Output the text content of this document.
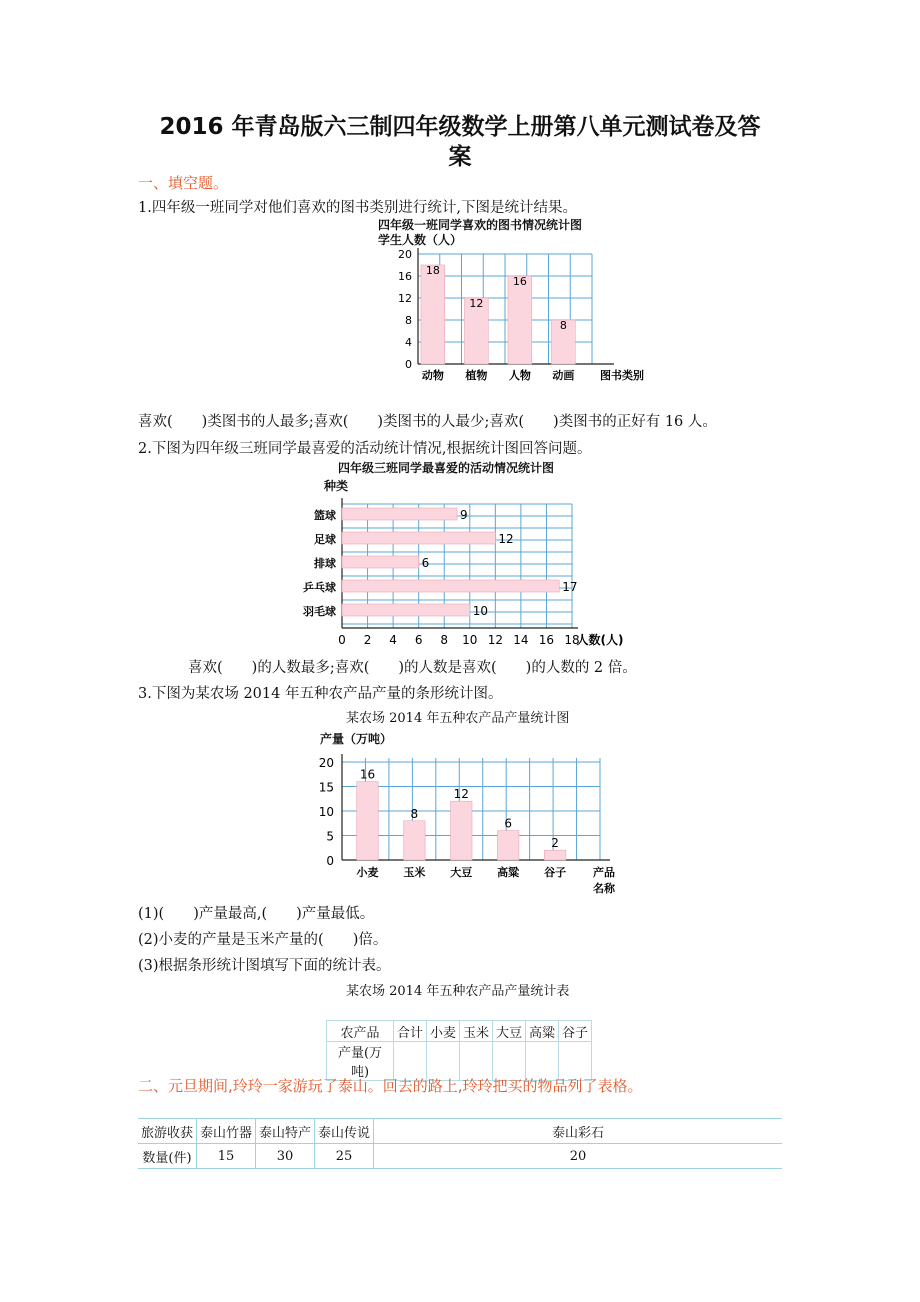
2016 年青岛版六三制四年级数学上册第八单元测试卷及答
案
一、填空题。
1.四年级一班同学对他们喜欢的图书类别进行统计,下图是统计结果。
四年级一班同学喜欢的图书情况统计图
学生人数（人）
18
动物
12
植物
16
人物
8
动画
0
4
8
12
16
20
图书类别
喜欢(　　)类图书的人最多;喜欢(　　)类图书的人最少;喜欢(　　)类图书的正好有 16 人。
2.下图为四年级三班同学最喜爱的活动统计情况,根据统计图回答问题。
四年级三班同学最喜爱的活动情况统计图
种类
9
篮球
12
足球
6
排球
17
乒乓球
10
羽毛球
0 2 4 6 8 10 12 14 16 18
人数(人)
喜欢(　　)的人数最多;喜欢(　　)的人数是喜欢(　　)的人数的 2 倍。
3.下图为某农场 2014 年五种农产品产量的条形统计图。
某农场 2014 年五种农产品产量统计图
产量（万吨）
16
小麦
8
玉米
12
大豆
6
高粱
2
谷子
0
5
10
15
20
产品
名称
(1)(　　)产量最高,(　　)产量最低。
(2)小麦的产量是玉米产量的(　　)倍。
(3)根据条形统计图填写下面的统计表。
某农场 2014 年五种农产品产量统计表
农产品	合计	小麦	玉米	大豆	高粱	谷子
产量(万吨)						
二、元旦期间,玲玲一家游玩了泰山。回去的路上,玲玲把买的物品列了表格。
旅游收获	泰山竹器	泰山特产	泰山传说	泰山彩石
数量(件)	15	30	25	20
